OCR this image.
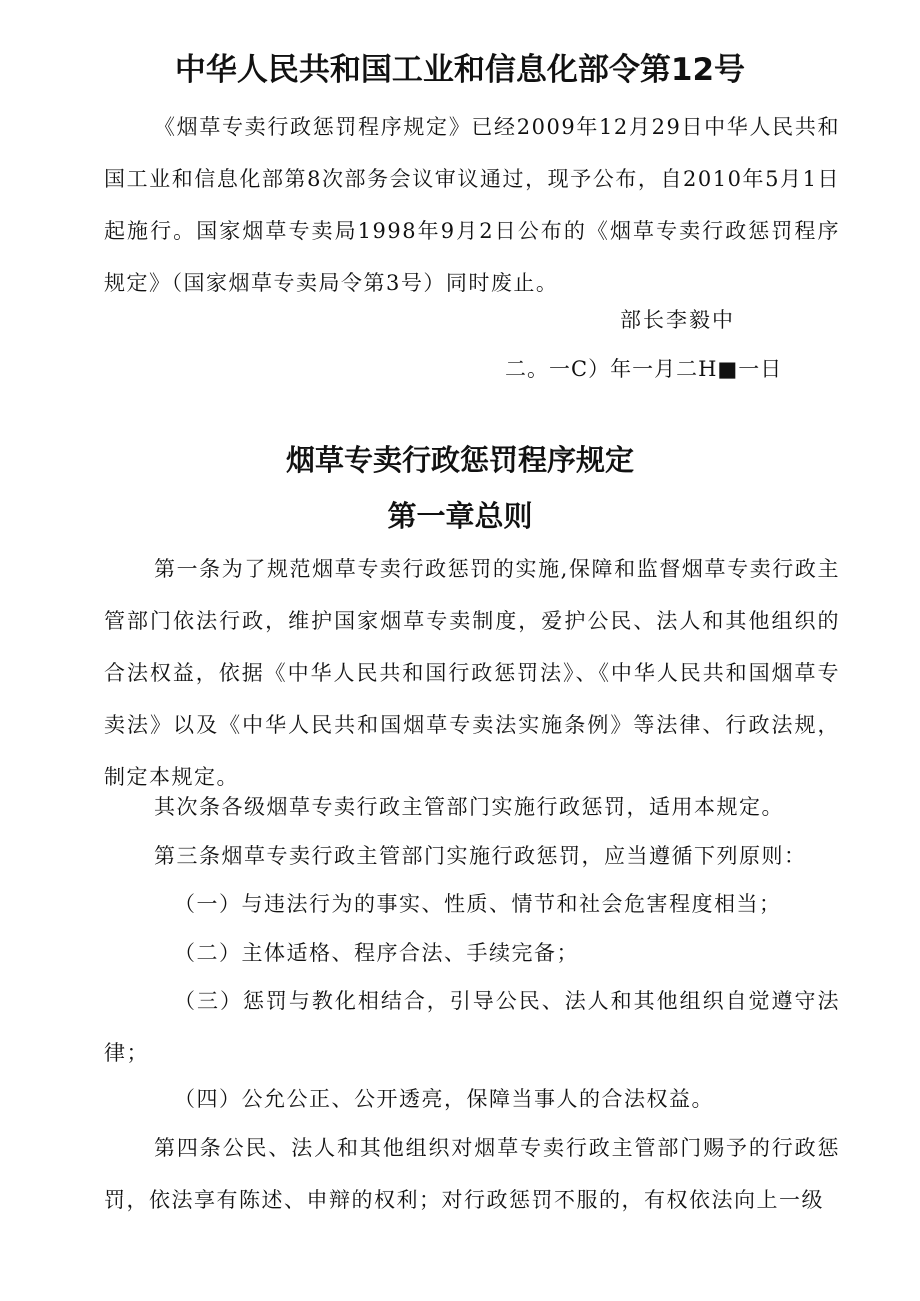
中华人民共和国工业和信息化部令第12号

《烟草专卖行政惩罚程序规定》已经2009年12月29日中华人民共和国工业和信息化部第8次部务会议审议通过，现予公布，自2010年5月1日起施行。国家烟草专卖局1998年9月2日公布的《烟草专卖行政惩罚程序规定》（国家烟草专卖局令第3号）同时废止。

部长李毅中

二。一C）年一月二H■一日

烟草专卖行政惩罚程序规定
第一章总则

第一条为了规范烟草专卖行政惩罚的实施,保障和监督烟草专卖行政主管部门依法行政，维护国家烟草专卖制度，爱护公民、法人和其他组织的合法权益，依据《中华人民共和国行政惩罚法》、《中华人民共和国烟草专卖法》以及《中华人民共和国烟草专卖法实施条例》等法律、行政法规，制定本规定。

其次条各级烟草专卖行政主管部门实施行政惩罚，适用本规定。

第三条烟草专卖行政主管部门实施行政惩罚，应当遵循下列原则：

（一）与违法行为的事实、性质、情节和社会危害程度相当；

（二）主体适格、程序合法、手续完备；

（三）惩罚与教化相结合，引导公民、法人和其他组织自觉遵守法律；

（四）公允公正、公开透亮，保障当事人的合法权益。

第四条公民、法人和其他组织对烟草专卖行政主管部门赐予的行政惩罚，依法享有陈述、申辩的权利；对行政惩罚不服的，有权依法向上一级
